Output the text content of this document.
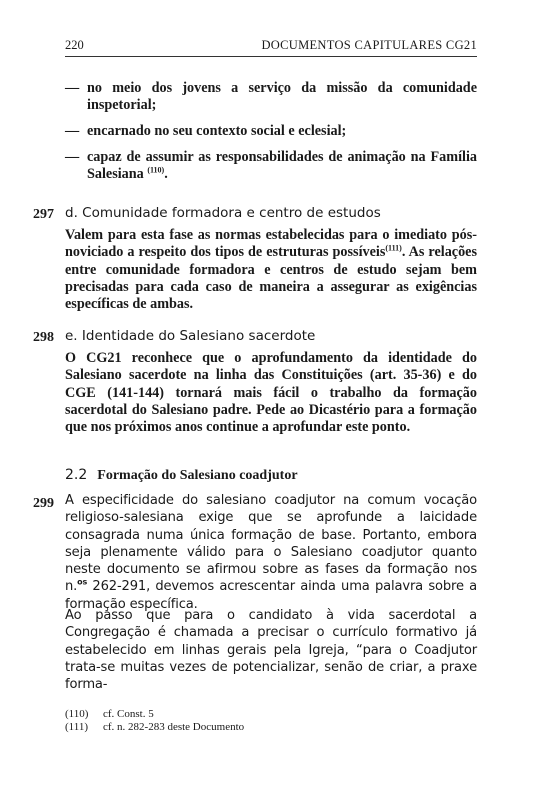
220	DOCUMENTOS CAPITULARES CG21
— no meio dos jovens a serviço da missão da comunidade inspetorial;
— encarnado no seu contexto social e eclesial;
— capaz de assumir as responsabilidades de animação na Família Salesiana $^{(110)}$.
297 d. Comunidade formadora e centro de estudos
Valem para esta fase as normas estabelecidas para o imediato pós-noviciado a respeito dos tipos de estruturas possíveis$^{(111)}$. As relações entre comunidade formadora e centros de estudo sejam bem precisadas para cada caso de maneira a assegurar as exigências específicas de ambas.
298 e. Identidade do Salesiano sacerdote
O CG21 reconhece que o aprofundamento da identidade do Salesiano sacerdote na linha das Constituições (art. 35-36) e do CGE (141-144) tornará mais fácil o trabalho da formação sacerdotal do Salesiano padre. Pede ao Dicastério para a formação que nos próximos anos continue a aprofundar este ponto.
2.2 Formação do Salesiano coadjutor
299 A especificidade do salesiano coadjutor na comum vocação religioso-salesiana exige que se aprofunde a laicidade consagrada numa única formação de base. Portanto, embora seja plenamente válido para o Salesiano coadjutor quanto neste documento se afirmou sobre as fases da formação nos n.$^{os}$ 262-291, devemos acrescentar ainda uma palavra sobre a formação específica.
Ao passo que para o candidato à vida sacerdotal a Congregação é chamada a precisar o currículo formativo já estabelecido em linhas gerais pela Igreja, “para o Coadjutor trata-se muitas vezes de potencializar, senão de criar, a praxe forma-
(110) cf. Const. 5
(111) cf. n. 282-283 deste Documento
